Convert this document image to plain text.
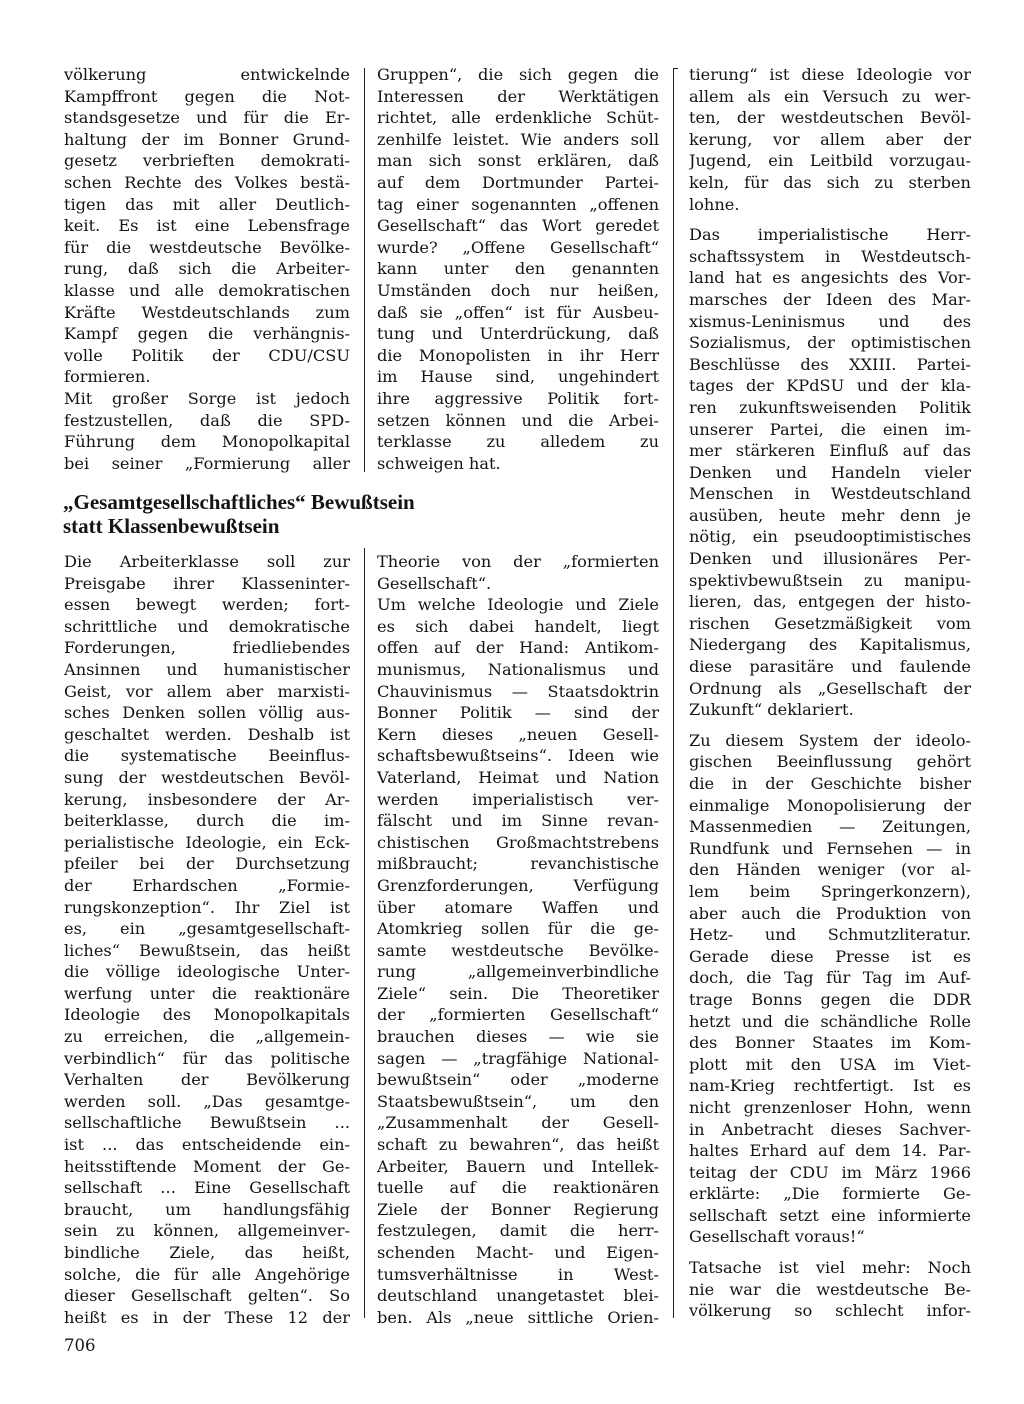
völkerung entwickelnde

Kampffront gegen die Not-

standsgesetze und für die Er-

haltung der im Bonner Grund-

gesetz verbrieften demokrati-

schen Rechte des Volkes bestä-

tigen das mit aller Deutlich-

keit. Es ist eine Lebensfrage

für die westdeutsche Bevölke-

rung, daß sich die Arbeiter-

klasse und alle demokratischen

Kräfte Westdeutschlands zum

Kampf gegen die verhängnis-

volle Politik der CDU/CSU

formieren.

Mit großer Sorge ist jedoch

festzustellen, daß die SPD-

Führung dem Monopolkapital

bei seiner „Formierung aller

Gruppen“, die sich gegen die

Interessen der Werktätigen

richtet, alle erdenkliche Schüt-

zenhilfe leistet. Wie anders soll

man sich sonst erklären, daß

auf dem Dortmunder Partei-

tag einer sogenannten „offenen

Gesellschaft“ das Wort geredet

wurde? „Offene Gesellschaft“

kann unter den genannten

Umständen doch nur heißen,

daß sie „offen“ ist für Ausbeu-

tung und Unterdrückung, daß

die Monopolisten in ihr Herr

im Hause sind, ungehindert

ihre aggressive Politik fort-

setzen können und die Arbei-

terklasse zu alledem zu

schweigen hat.

„Gesamtgesellschaftliches“ Bewußtsein
statt Klassenbewußtsein

Die Arbeiterklasse soll zur

Preisgabe ihrer Klasseninter-

essen bewegt werden; fort-

schrittliche und demokratische

Forderungen, friedliebendes

Ansinnen und humanistischer

Geist, vor allem aber marxisti-

sches Denken sollen völlig aus-

geschaltet werden. Deshalb ist

die systematische Beeinflus-

sung der westdeutschen Bevöl-

kerung, insbesondere der Ar-

beiterklasse, durch die im-

perialistische Ideologie, ein Eck-

pfeiler bei der Durchsetzung

der Erhardschen „Formie-

rungskonzeption“. Ihr Ziel ist

es, ein „gesamtgesellschaft-

liches“ Bewußtsein, das heißt

die völlige ideologische Unter-

werfung unter die reaktionäre

Ideologie des Monopolkapitals

zu erreichen, die „allgemein-

verbindlich“ für das politische

Verhalten der Bevölkerung

werden soll. „Das gesamtge-

sellschaftliche Bewußtsein ...

ist ... das entscheidende ein-

heitsstiftende Moment der Ge-

sellschaft ... Eine Gesellschaft

braucht, um handlungsfähig

sein zu können, allgemeinver-

bindliche Ziele, das heißt,

solche, die für alle Angehörige

dieser Gesellschaft gelten“. So

heißt es in der These 12 der

Theorie von der „formierten

Gesellschaft“.

Um welche Ideologie und Ziele

es sich dabei handelt, liegt

offen auf der Hand: Antikom-

munismus, Nationalismus und

Chauvinismus — Staatsdoktrin

Bonner Politik — sind der

Kern dieses „neuen Gesell-

schaftsbewußtseins“. Ideen wie

Vaterland, Heimat und Nation

werden imperialistisch ver-

fälscht und im Sinne revan-

chistischen Großmachtstrebens

mißbraucht; revanchistische

Grenzforderungen, Verfügung

über atomare Waffen und

Atomkrieg sollen für die ge-

samte westdeutsche Bevölke-

rung „allgemeinverbindliche

Ziele“ sein. Die Theoretiker

der „formierten Gesellschaft“

brauchen dieses — wie sie

sagen — „tragfähige National-

bewußtsein“ oder „moderne

Staatsbewußtsein“, um den

„Zusammenhalt der Gesell-

schaft zu bewahren“, das heißt

Arbeiter, Bauern und Intellek-

tuelle auf die reaktionären

Ziele der Bonner Regierung

festzulegen, damit die herr-

schenden Macht- und Eigen-

tumsverhältnisse in West-

deutschland unangetastet blei-

ben. Als „neue sittliche Orien-

tierung“ ist diese Ideologie vor

allem als ein Versuch zu wer-

ten, der westdeutschen Bevöl-

kerung, vor allem aber der

Jugend, ein Leitbild vorzugau-

keln, für das sich zu sterben

lohne.

Das imperialistische Herr-

schaftssystem in Westdeutsch-

land hat es angesichts des Vor-

marsches der Ideen des Mar-

xismus-Leninismus und des

Sozialismus, der optimistischen

Beschlüsse des XXIII. Partei-

tages der KPdSU und der kla-

ren zukunftsweisenden Politik

unserer Partei, die einen im-

mer stärkeren Einfluß auf das

Denken und Handeln vieler

Menschen in Westdeutschland

ausüben, heute mehr denn je

nötig, ein pseudooptimistisches

Denken und illusionäres Per-

spektivbewußtsein zu manipu-

lieren, das, entgegen der histo-

rischen Gesetzmäßigkeit vom

Niedergang des Kapitalismus,

diese parasitäre und faulende

Ordnung als „Gesellschaft der

Zukunft“ deklariert.

Zu diesem System der ideolo-

gischen Beeinflussung gehört

die in der Geschichte bisher

einmalige Monopolisierung der

Massenmedien — Zeitungen,

Rundfunk und Fernsehen — in

den Händen weniger (vor al-

lem beim Springerkonzern),

aber auch die Produktion von

Hetz- und Schmutzliteratur.

Gerade diese Presse ist es

doch, die Tag für Tag im Auf-

trage Bonns gegen die DDR

hetzt und die schändliche Rolle

des Bonner Staates im Kom-

plott mit den USA im Viet-

nam-Krieg rechtfertigt. Ist es

nicht grenzenloser Hohn, wenn

in Anbetracht dieses Sachver-

haltes Erhard auf dem 14. Par-

teitag der CDU im März 1966

erklärte: „Die formierte Ge-

sellschaft setzt eine informierte

Gesellschaft voraus!“

Tatsache ist viel mehr: Noch

nie war die westdeutsche Be-

völkerung so schlecht infor-

706
